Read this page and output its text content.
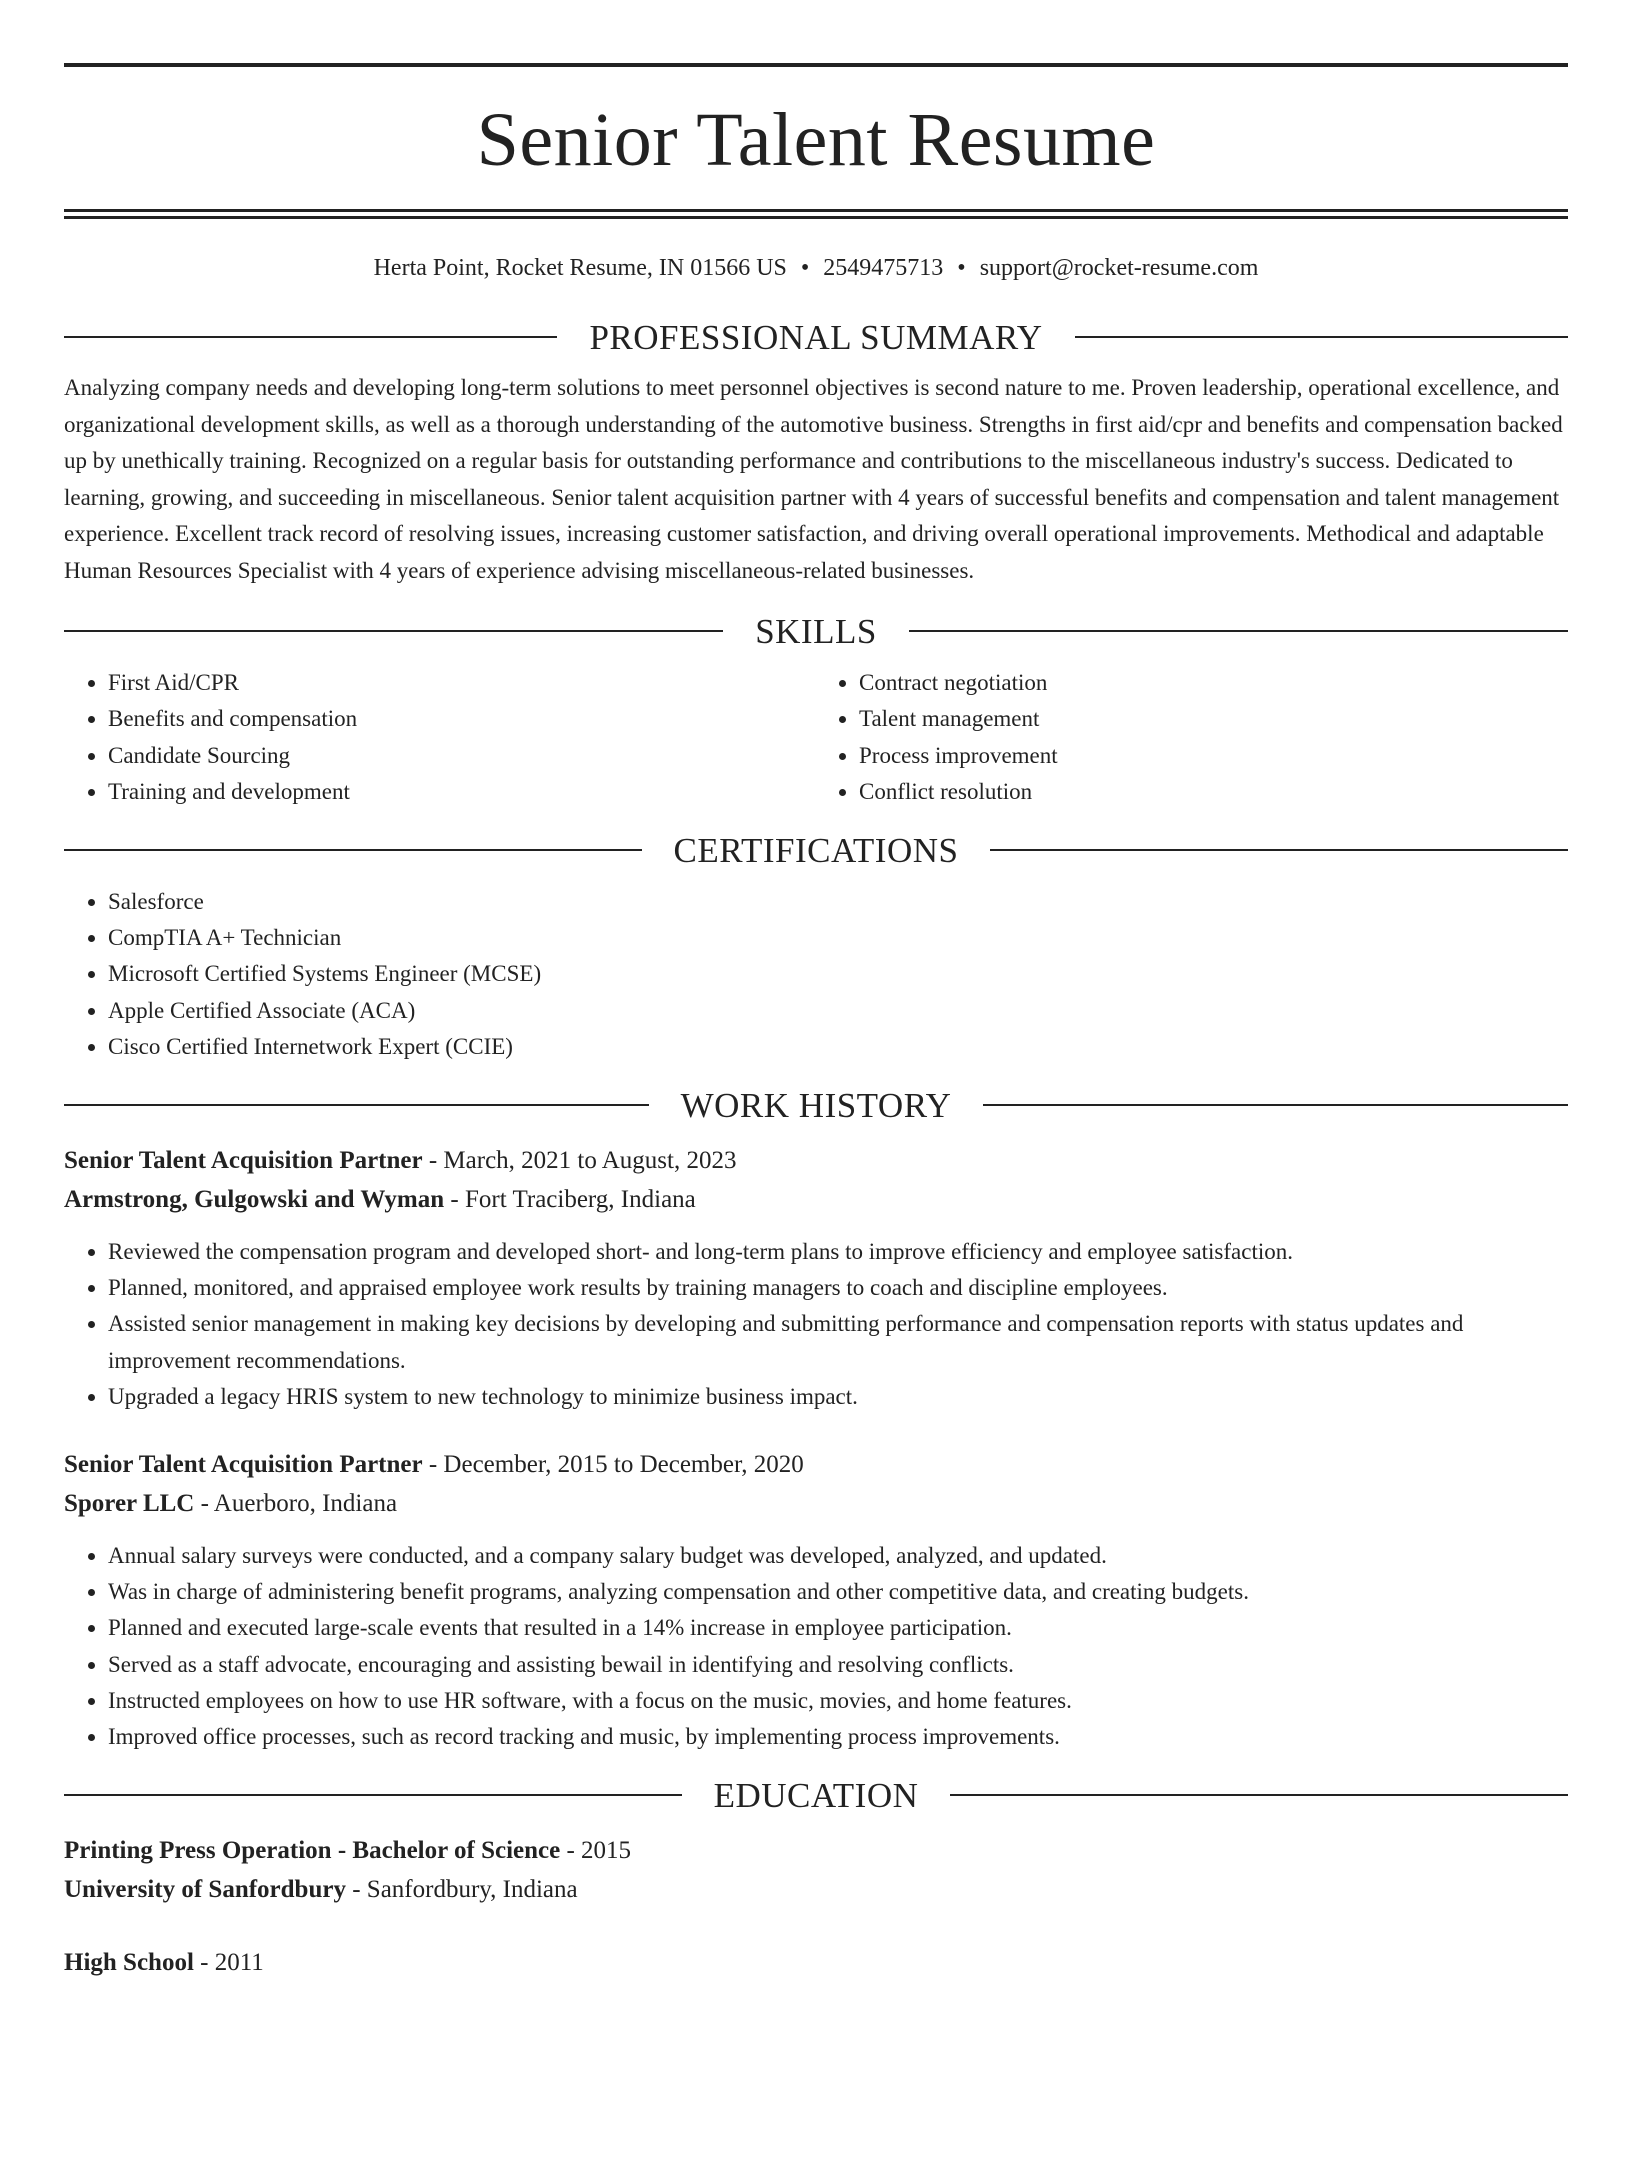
Senior Talent Resume
Herta Point, Rocket Resume, IN 01566 US • 2549475713 • support@rocket-resume.com
PROFESSIONAL SUMMARY

Analyzing company needs and developing long-term solutions to meet personnel objectives is second nature to me. Proven leadership, operational excellence, and organizational development skills, as well as a thorough understanding of the automotive business. Strengths in first aid/cpr and benefits and compensation backed up by unethically training. Recognized on a regular basis for outstanding performance and contributions to the miscellaneous industry's success. Dedicated to learning, growing, and succeeding in miscellaneous. Senior talent acquisition partner with 4 years of successful benefits and compensation and talent management experience. Excellent track record of resolving issues, increasing customer satisfaction, and driving overall operational improvements. Methodical and adaptable Human Resources Specialist with 4 years of experience advising miscellaneous-related businesses.

SKILLS
• First Aid/CPR
• Benefits and compensation
• Candidate Sourcing
• Training and development
• Contract negotiation
• Talent management
• Process improvement
• Conflict resolution
CERTIFICATIONS
• Salesforce
• CompTIA A+ Technician
• Microsoft Certified Systems Engineer (MCSE)
• Apple Certified Associate (ACA)
• Cisco Certified Internetwork Expert (CCIE)
WORK HISTORY
Senior Talent Acquisition Partner - March, 2021 to August, 2023
Armstrong, Gulgowski and Wyman - Fort Traciberg, Indiana
• Reviewed the compensation program and developed short- and long-term plans to improve efficiency and employee satisfaction.
• Planned, monitored, and appraised employee work results by training managers to coach and discipline employees.
• Assisted senior management in making key decisions by developing and submitting performance and compensation reports with status updates and improvement recommendations.
• Upgraded a legacy HRIS system to new technology to minimize business impact.
Senior Talent Acquisition Partner - December, 2015 to December, 2020
Sporer LLC - Auerboro, Indiana
• Annual salary surveys were conducted, and a company salary budget was developed, analyzed, and updated.
• Was in charge of administering benefit programs, analyzing compensation and other competitive data, and creating budgets.
• Planned and executed large-scale events that resulted in a 14% increase in employee participation.
• Served as a staff advocate, encouraging and assisting bewail in identifying and resolving conflicts.
• Instructed employees on how to use HR software, with a focus on the music, movies, and home features.
• Improved office processes, such as record tracking and music, by implementing process improvements.
EDUCATION
Printing Press Operation - Bachelor of Science - 2015
University of Sanfordbury - Sanfordbury, Indiana
High School - 2011
